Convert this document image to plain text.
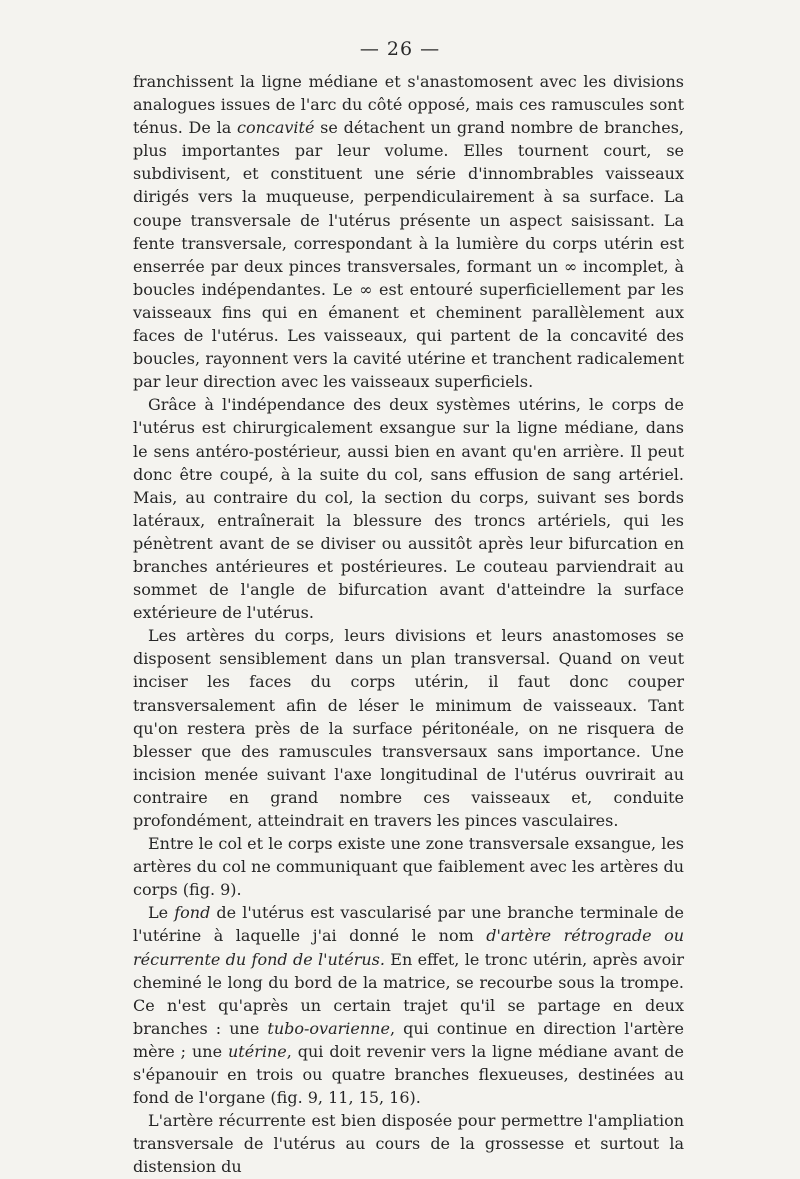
— 26 —

franchissent la ligne médiane et s'anastomosent avec les divisions analogues issues de l'arc du côté opposé, mais ces ramuscules sont ténus. De la concavité se détachent un grand nombre de branches, plus importantes par leur volume. Elles tournent court, se subdivisent, et constituent une série d'innombrables vaisseaux dirigés vers la muqueuse, perpendiculairement à sa surface. La coupe transversale de l'utérus présente un aspect saisissant. La fente transversale, correspondant à la lumière du corps utérin est enserrée par deux pinces transversales, formant un ∞ incomplet, à boucles indépendantes. Le ∞ est entouré superficiellement par les vaisseaux fins qui en émanent et cheminent parallèlement aux faces de l'utérus. Les vaisseaux, qui partent de la concavité des boucles, rayonnent vers la cavité utérine et tranchent radicalement par leur direction avec les vaisseaux superficiels.

Grâce à l'indépendance des deux systèmes utérins, le corps de l'utérus est chirurgicalement exsangue sur la ligne médiane, dans le sens antéro-postérieur, aussi bien en avant qu'en arrière. Il peut donc être coupé, à la suite du col, sans effusion de sang artériel. Mais, au contraire du col, la section du corps, suivant ses bords latéraux, entraînerait la blessure des troncs artériels, qui les pénètrent avant de se diviser ou aussitôt après leur bifurcation en branches antérieures et postérieures. Le couteau parviendrait au sommet de l'angle de bifurcation avant d'atteindre la surface extérieure de l'utérus.

Les artères du corps, leurs divisions et leurs anastomoses se disposent sensiblement dans un plan transversal. Quand on veut inciser les faces du corps utérin, il faut donc couper transversalement afin de léser le minimum de vaisseaux. Tant qu'on restera près de la surface péritonéale, on ne risquera de blesser que des ramuscules transversaux sans importance. Une incision menée suivant l'axe longitudinal de l'utérus ouvrirait au contraire en grand nombre ces vaisseaux et, conduite profondément, atteindrait en travers les pinces vasculaires.

Entre le col et le corps existe une zone transversale exsangue, les artères du col ne communiquant que faiblement avec les artères du corps (fig. 9).

Le fond de l'utérus est vascularisé par une branche terminale de l'utérine à laquelle j'ai donné le nom d'artère rétrograde ou récurrente du fond de l'utérus. En effet, le tronc utérin, après avoir cheminé le long du bord de la matrice, se recourbe sous la trompe. Ce n'est qu'après un certain trajet qu'il se partage en deux branches : une tubo-ovarienne, qui continue en direction l'artère mère ; une utérine, qui doit revenir vers la ligne médiane avant de s'épanouir en trois ou quatre branches flexueuses, destinées au fond de l'organe (fig. 9, 11, 15, 16).

L'artère récurrente est bien disposée pour permettre l'ampliation transversale de l'utérus au cours de la grossesse et surtout la distension du
